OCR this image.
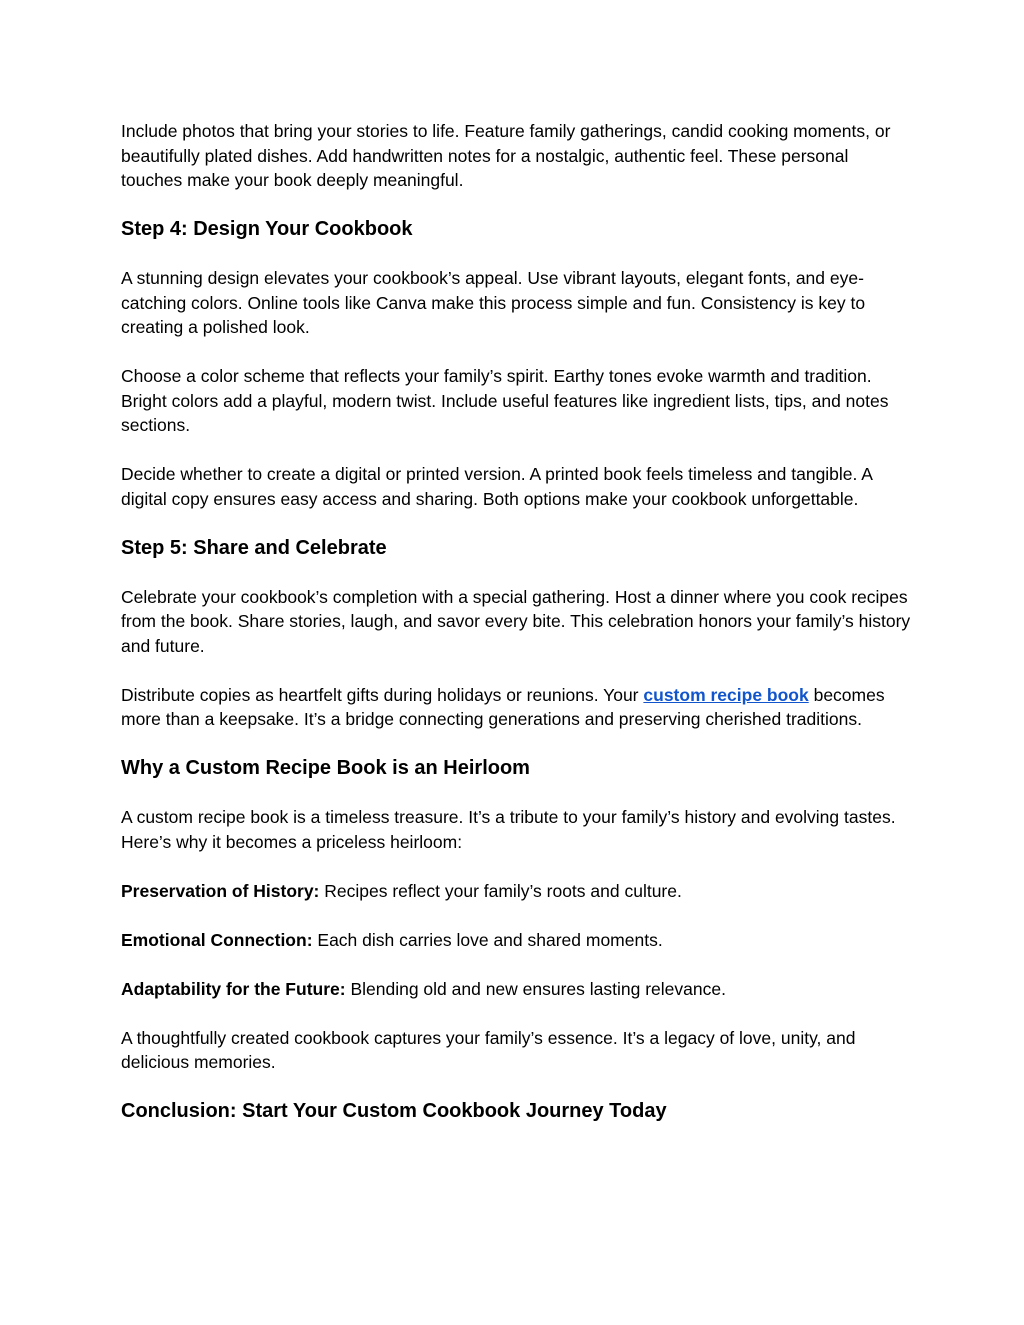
Include photos that bring your stories to life. Feature family gatherings, candid cooking moments, or beautifully plated dishes. Add handwritten notes for a nostalgic, authentic feel. These personal touches make your book deeply meaningful.

Step 4: Design Your Cookbook

A stunning design elevates your cookbook’s appeal. Use vibrant layouts, elegant fonts, and eye-catching colors. Online tools like Canva make this process simple and fun. Consistency is key to creating a polished look.

Choose a color scheme that reflects your family’s spirit. Earthy tones evoke warmth and tradition. Bright colors add a playful, modern twist. Include useful features like ingredient lists, tips, and notes sections.

Decide whether to create a digital or printed version. A printed book feels timeless and tangible. A digital copy ensures easy access and sharing. Both options make your cookbook unforgettable.

Step 5: Share and Celebrate

Celebrate your cookbook’s completion with a special gathering. Host a dinner where you cook recipes from the book. Share stories, laugh, and savor every bite. This celebration honors your family’s history and future.

Distribute copies as heartfelt gifts during holidays or reunions. Your custom recipe book becomes more than a keepsake. It’s a bridge connecting generations and preserving cherished traditions.

Why a Custom Recipe Book is an Heirloom

A custom recipe book is a timeless treasure. It’s a tribute to your family’s history and evolving tastes. Here’s why it becomes a priceless heirloom:

Preservation of History: Recipes reflect your family’s roots and culture.

Emotional Connection: Each dish carries love and shared moments.

Adaptability for the Future: Blending old and new ensures lasting relevance.

A thoughtfully created cookbook captures your family’s essence. It’s a legacy of love, unity, and delicious memories.

Conclusion: Start Your Custom Cookbook Journey Today
